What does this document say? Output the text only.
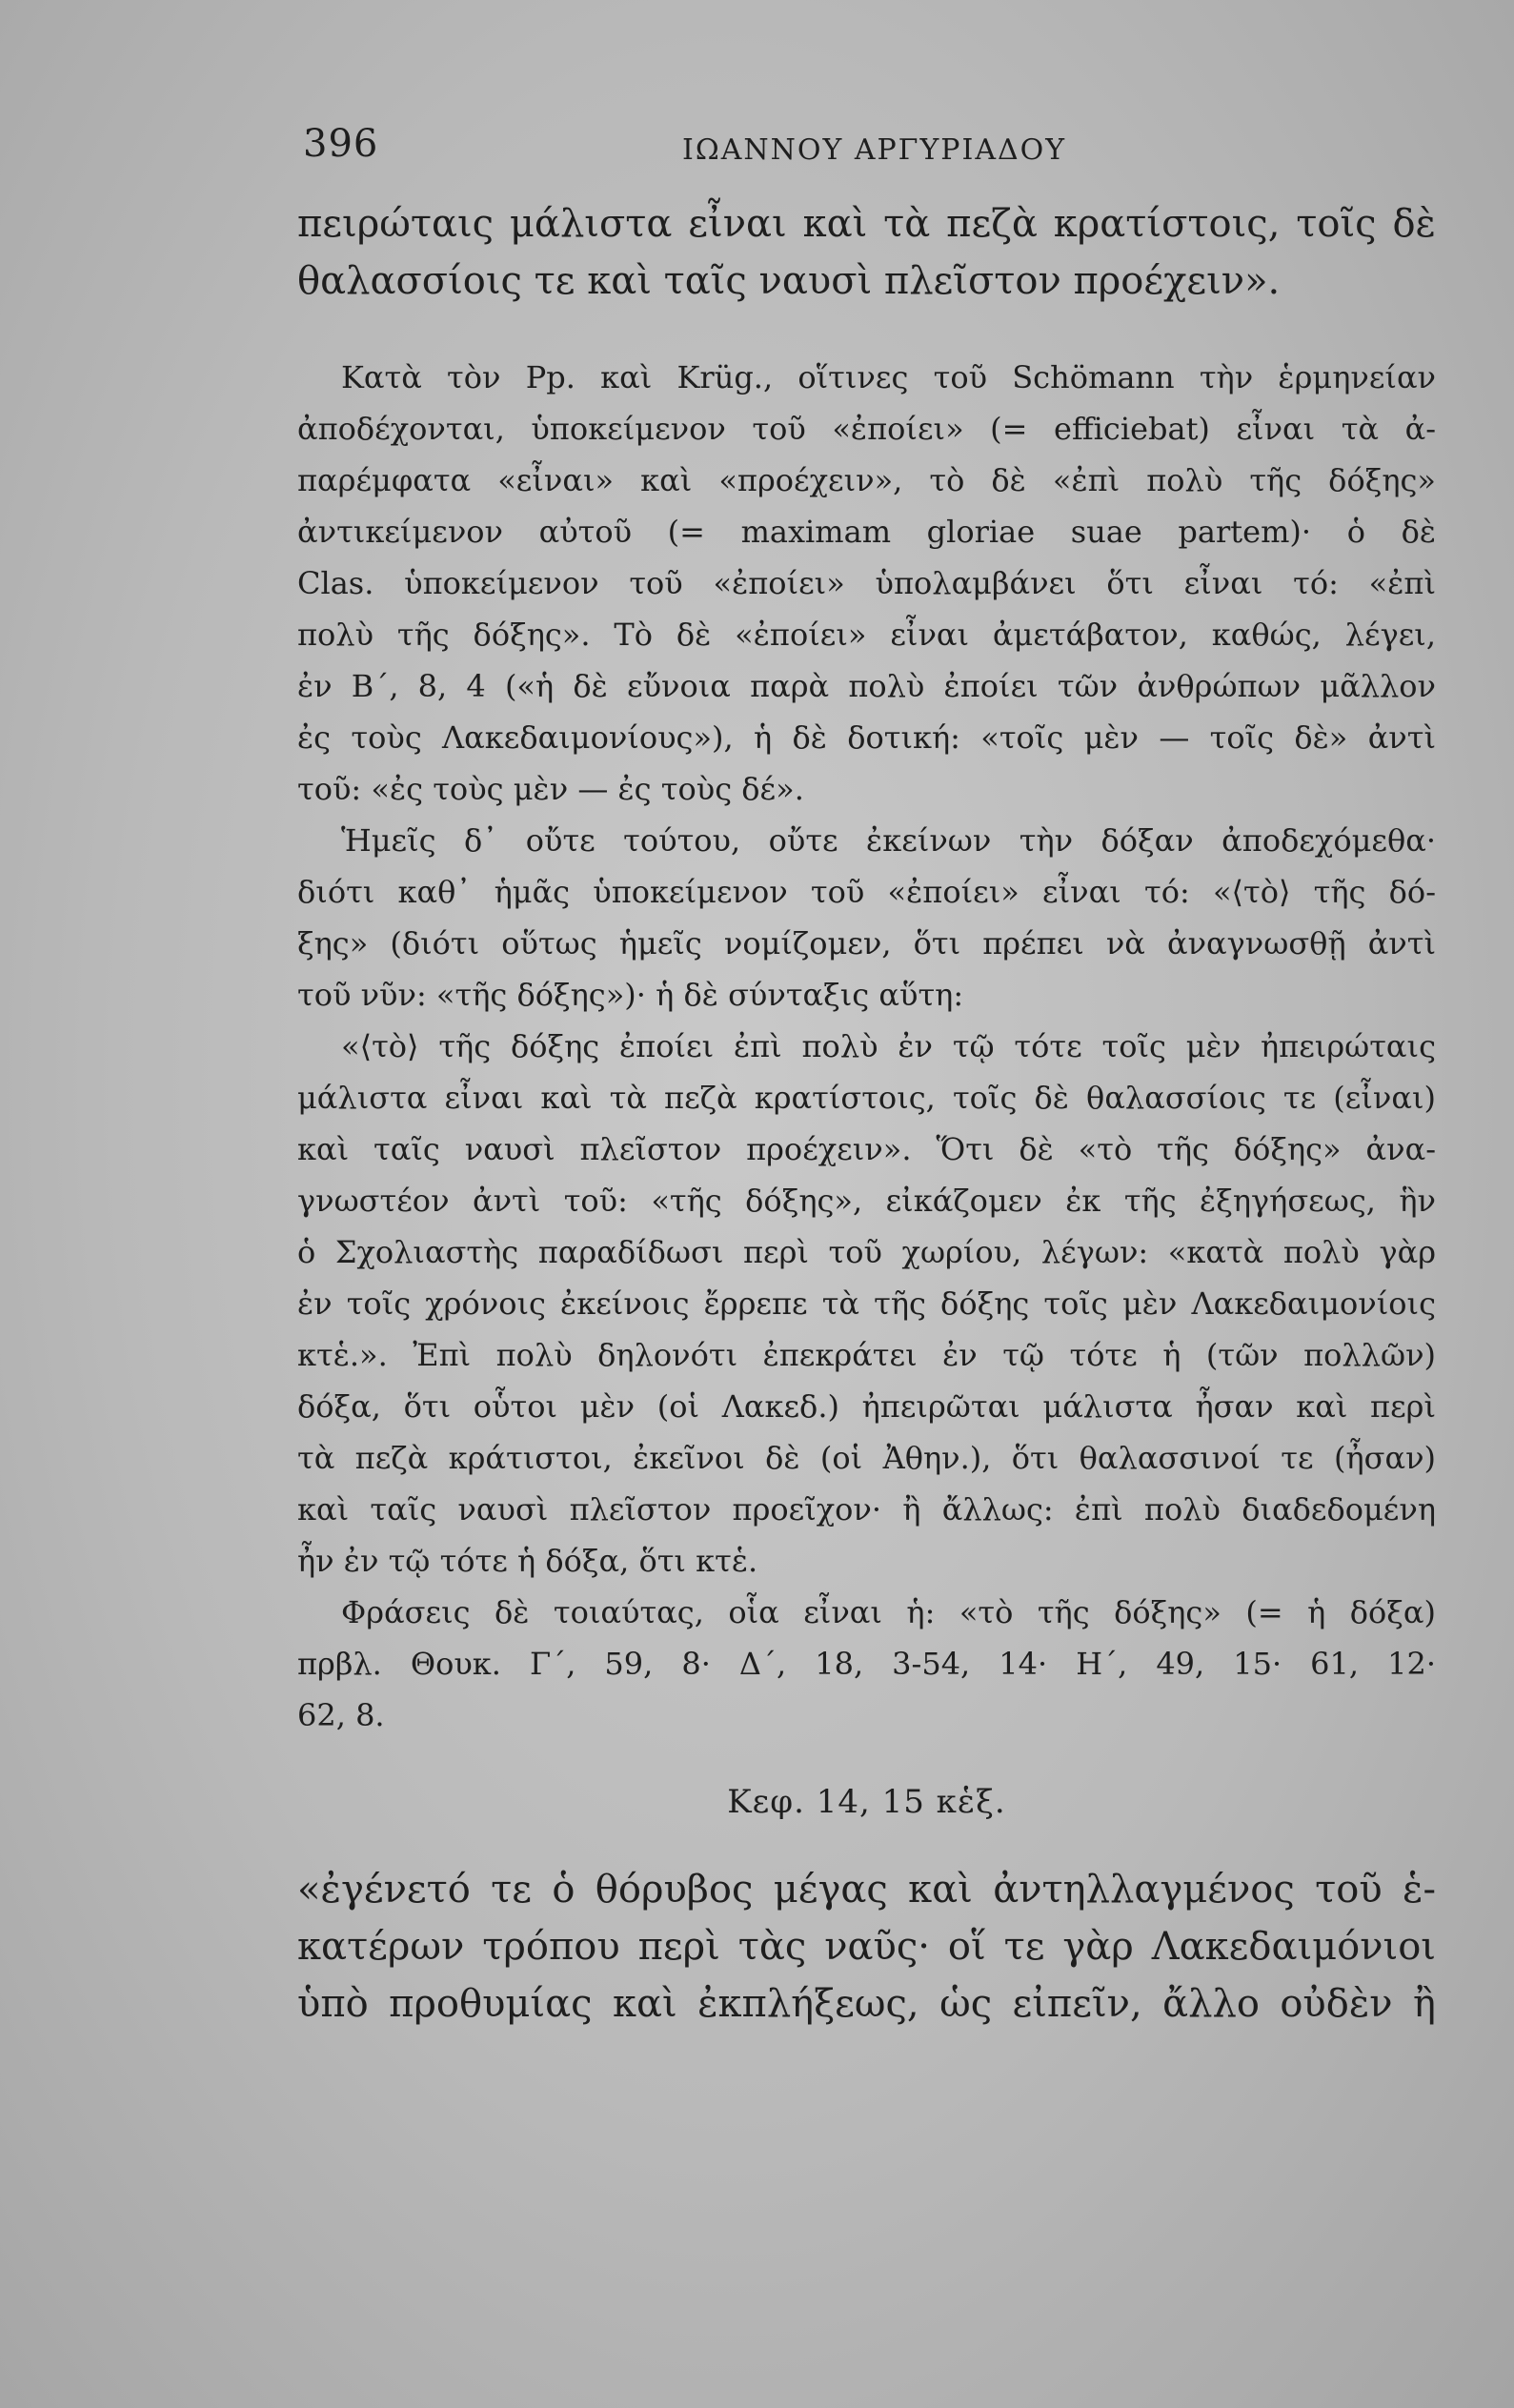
396	ΙΩΑΝΝΟΥ ΑΡΓΥΡΙΑΔΟΥ
πειρώταις μάλιστα εἶναι καὶ τὰ πεζὰ κρατίστοις, τοῖς δὲ
θαλασσίοις τε καὶ ταῖς ναυσὶ πλεῖστον προέχειν».
Κατὰ τὸν Pp. καὶ Krüg., οἵτινες τοῦ Schömann τὴν ἑρμηνείαν
ἀποδέχονται, ὑποκείμενον τοῦ «ἐποίει» (= efficiebat) εἶναι τὰ ἀ-
παρέμφατα «εἶναι» καὶ «προέχειν», τὸ δὲ «ἐπὶ πολὺ τῆς δόξης»
ἀντικείμενον αὐτοῦ (= maximam gloriae suae partem)· ὁ δὲ
Clas. ὑποκείμενον τοῦ «ἐποίει» ὑπολαμβάνει ὅτι εἶναι τό: «ἐπὶ
πολὺ τῆς δόξης». Τὸ δὲ «ἐποίει» εἶναι ἀμετάβατον, καθώς, λέγει,
ἐν Β΄, 8, 4 («ἡ δὲ εὔνοια παρὰ πολὺ ἐποίει τῶν ἀνθρώπων μᾶλλον
ἐς τοὺς Λακεδαιμονίους»), ἡ δὲ δοτική: «τοῖς μὲν — τοῖς δὲ» ἀντὶ
τοῦ: «ἐς τοὺς μὲν — ἐς τοὺς δέ».
Ἡμεῖς δ᾿ οὔτε τούτου, οὔτε ἐκείνων τὴν δόξαν ἀποδεχόμεθα·
διότι καθ᾿ ἡμᾶς ὑποκείμενον τοῦ «ἐποίει» εἶναι τό: «⟨τὸ⟩ τῆς δό-
ξης» (διότι οὕτως ἡμεῖς νομίζομεν, ὅτι πρέπει νὰ ἀναγνωσθῇ ἀντὶ
τοῦ νῦν: «τῆς δόξης»)· ἡ δὲ σύνταξις αὕτη:
«⟨τὸ⟩ τῆς δόξης ἐποίει ἐπὶ πολὺ ἐν τῷ τότε τοῖς μὲν ἠπειρώταις
μάλιστα εἶναι καὶ τὰ πεζὰ κρατίστοις, τοῖς δὲ θαλασσίοις τε (εἶναι)
καὶ ταῖς ναυσὶ πλεῖστον προέχειν». Ὅτι δὲ «τὸ τῆς δόξης» ἀνα-
γνωστέον ἀντὶ τοῦ: «τῆς δόξης», εἰκάζομεν ἐκ τῆς ἐξηγήσεως, ἣν
ὁ Σχολιαστὴς παραδίδωσι περὶ τοῦ χωρίου, λέγων: «κατὰ πολὺ γὰρ
ἐν τοῖς χρόνοις ἐκείνοις ἔρρεπε τὰ τῆς δόξης τοῖς μὲν Λακεδαιμονίοις
κτἑ.». Ἐπὶ πολὺ δηλονότι ἐπεκράτει ἐν τῷ τότε ἡ (τῶν πολλῶν)
δόξα, ὅτι οὗτοι μὲν (οἱ Λακεδ.) ἠπειρῶται μάλιστα ἦσαν καὶ περὶ
τὰ πεζὰ κράτιστοι, ἐκεῖνοι δὲ (οἱ Ἀθην.), ὅτι θαλασσινοί τε (ἦσαν)
καὶ ταῖς ναυσὶ πλεῖστον προεῖχον· ἢ ἄλλως: ἐπὶ πολὺ διαδεδομένη
ἦν ἐν τῷ τότε ἡ δόξα, ὅτι κτἑ.
Φράσεις δὲ τοιαύτας, οἷα εἶναι ἡ: «τὸ τῆς δόξης» (= ἡ δόξα)
πρβλ. Θουκ. Γ΄, 59, 8· Δ΄, 18, 3-54, 14· Η΄, 49, 15· 61, 12·
62, 8.
Κεφ. 14, 15 κἑξ.
«ἐγένετό τε ὁ θόρυβος μέγας καὶ ἀντηλλαγμένος τοῦ ἑ-
κατέρων τρόπου περὶ τὰς ναῦς· οἵ τε γὰρ Λακεδαιμόνιοι
ὑπὸ προθυμίας καὶ ἐκπλήξεως, ὡς εἰπεῖν, ἄλλο οὐδὲν ἢ
